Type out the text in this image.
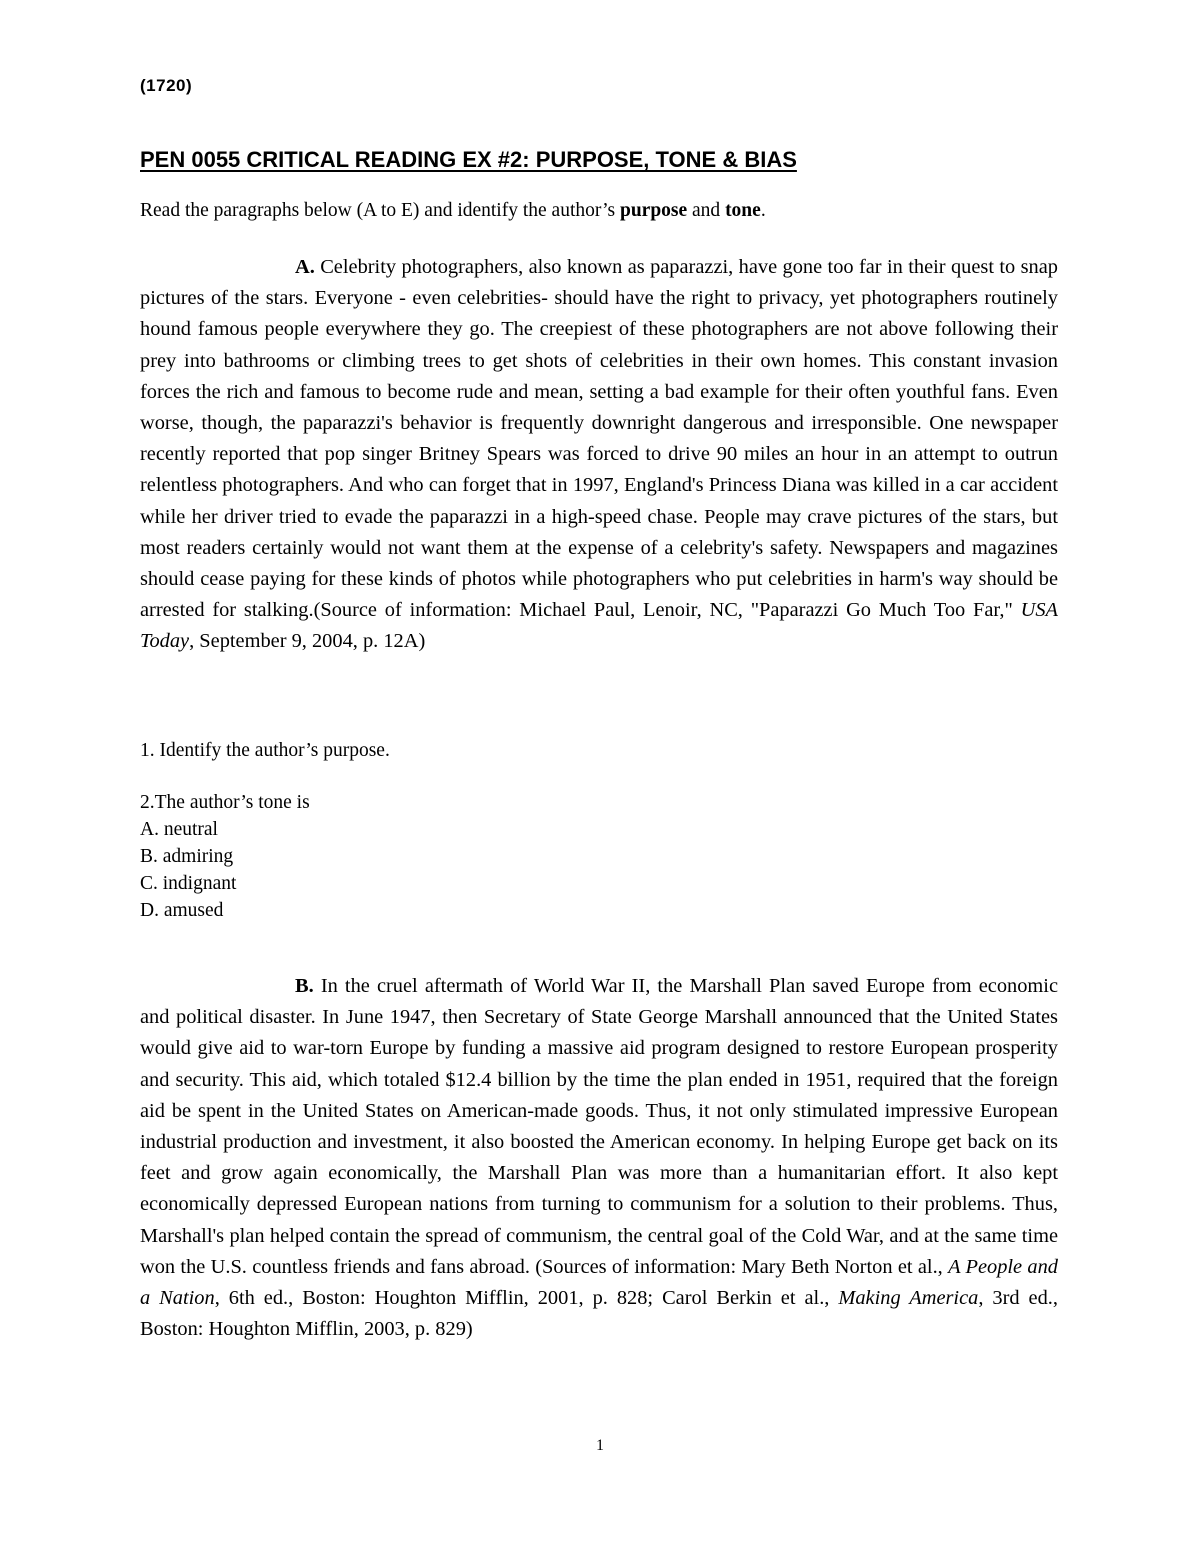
(1720)
PEN 0055 CRITICAL READING EX #2: PURPOSE, TONE & BIAS
Read the paragraphs below (A to E) and identify the author’s purpose and tone.

A. Celebrity photographers, also known as paparazzi, have gone too far in their quest to snap pictures of the stars. Everyone - even celebrities- should have the right to privacy, yet photographers routinely hound famous people everywhere they go. The creepiest of these photographers are not above following their prey into bathrooms or climbing trees to get shots of celebrities in their own homes. This constant invasion forces the rich and famous to become rude and mean, setting a bad example for their often youthful fans. Even worse, though, the paparazzi's behavior is frequently downright dangerous and irresponsible. One newspaper recently reported that pop singer Britney Spears was forced to drive 90 miles an hour in an attempt to outrun relentless photographers. And who can forget that in 1997, England's Princess Diana was killed in a car accident while her driver tried to evade the paparazzi in a high-speed chase. People may crave pictures of the stars, but most readers certainly would not want them at the expense of a celebrity's safety. Newspapers and magazines should cease paying for these kinds of photos while photographers who put celebrities in harm's way should be arrested for stalking.(Source of information: Michael Paul, Lenoir, NC, "Paparazzi Go Much Too Far," USA Today, September 9, 2004, p. 12A)

1. Identify the author’s purpose.
2.The author’s tone is
A. neutral
B. admiring
C. indignant
D. amused

B. In the cruel aftermath of World War II, the Marshall Plan saved Europe from economic and political disaster. In June 1947, then Secretary of State George Marshall announced that the United States would give aid to war-torn Europe by funding a massive aid program designed to restore European prosperity and security. This aid, which totaled $12.4 billion by the time the plan ended in 1951, required that the foreign aid be spent in the United States on American-made goods. Thus, it not only stimulated impressive European industrial production and investment, it also boosted the American economy. In helping Europe get back on its feet and grow again economically, the Marshall Plan was more than a humanitarian effort. It also kept economically depressed European nations from turning to communism for a solution to their problems. Thus, Marshall's plan helped contain the spread of communism, the central goal of the Cold War, and at the same time won the U.S. countless friends and fans abroad. (Sources of information: Mary Beth Norton et al., A People and a Nation, 6th ed., Boston: Houghton Mifflin, 2001, p. 828; Carol Berkin et al., Making America, 3rd ed., Boston: Houghton Mifflin, 2003, p. 829)

1
